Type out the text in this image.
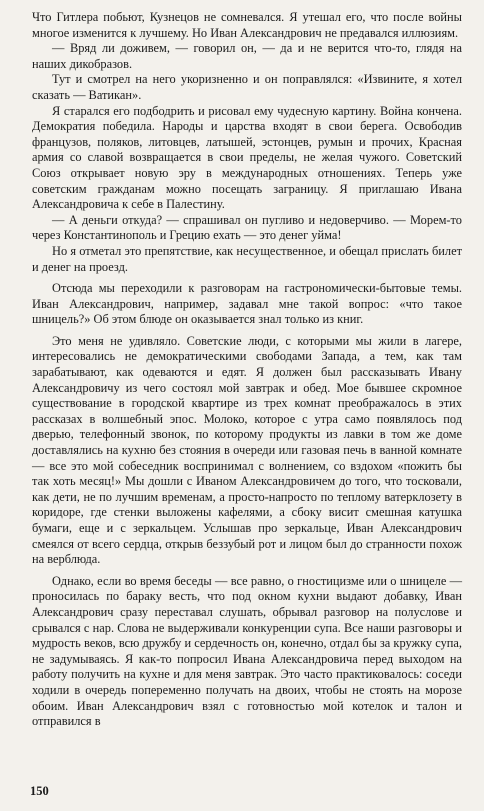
Что Гитлера побьют, Кузнецов не сомневался. Я утешал его, что после войны многое изменится к лучшему. Но Иван Александрович не предавался иллюзиям.

— Вряд ли доживем, — говорил он, — да и не верится что-то, глядя на наших дикобразов.

Тут и смотрел на него укоризненно и он поправлялся: «Извините, я хотел сказать — Ватикан».

Я старался его подбодрить и рисовал ему чудесную картину. Война кончена. Демократия победила. Народы и царства входят в свои берега. Освободив французов, поляков, литовцев, латышей, эстонцев, румын и прочих, Красная армия со славой возвращается в свои пределы, не желая чужого. Советский Союз открывает новую эру в международных отношениях. Теперь уже советским гражданам можно посещать заграницу. Я приглашаю Ивана Александровича к себе в Палестину.

— А деньги откуда? — спрашивал он пугливо и недоверчиво. — Морем-то через Константинополь и Грецию ехать — это денег уйма!

Но я отметал это препятствие, как несущественное, и обещал прислать билет и денег на проезд.

Отсюда мы переходили к разговорам на гастрономически-бытовые темы. Иван Александрович, например, задавал мне такой вопрос: «что такое шницель?» Об этом блюде он оказывается знал только из книг.

Это меня не удивляло. Советские люди, с которыми мы жили в лагере, интересовались не демократическими свободами Запада, а тем, как там зарабатывают, как одеваются и едят. Я должен был рассказывать Ивану Александровичу из чего состоял мой завтрак и обед. Мое бывшее скромное существование в городской квартире из трех комнат преображалось в этих рассказах в волшебный эпос. Молоко, которое с утра само появлялось под дверью, телефонный звонок, по которому продукты из лавки в том же доме доставлялись на кухню без стояния в очереди или газовая печь в ванной комнате — все это мой собеседник воспринимал с волнением, со вздохом «пожить бы так хоть месяц!» Мы дошли с Иваном Александровичем до того, что тосковали, как дети, не по лучшим временам, а просто-напросто по теплому ватерклозету в коридоре, где стенки выложены кафелями, а сбоку висит смешная катушка бумаги, еще и с зеркальцем. Услышав про зеркальце, Иван Александрович смеялся от всего сердца, открыв беззубый рот и лицом был до странности похож на верблюда.

Однако, если во время беседы — все равно, о гностицизме или о шницеле — проносилась по бараку весть, что под окном кухни выдают добавку, Иван Александрович сразу переставал слушать, обрывал разговор на полуслове и срывался с нар. Слова не выдерживали конкуренции супа. Все наши разговоры и мудрость веков, всю дружбу и сердечность он, конечно, отдал бы за кружку супа, не задумываясь. Я как-то попросил Ивана Александровича перед выходом на работу получить на кухне и для меня завтрак. Это часто практиковалось: соседи ходили в очередь попеременно получать на двоих, чтобы не стоять на морозе обоим. Иван Александрович взял с готовностью мой котелок и талон и отправился в

150
